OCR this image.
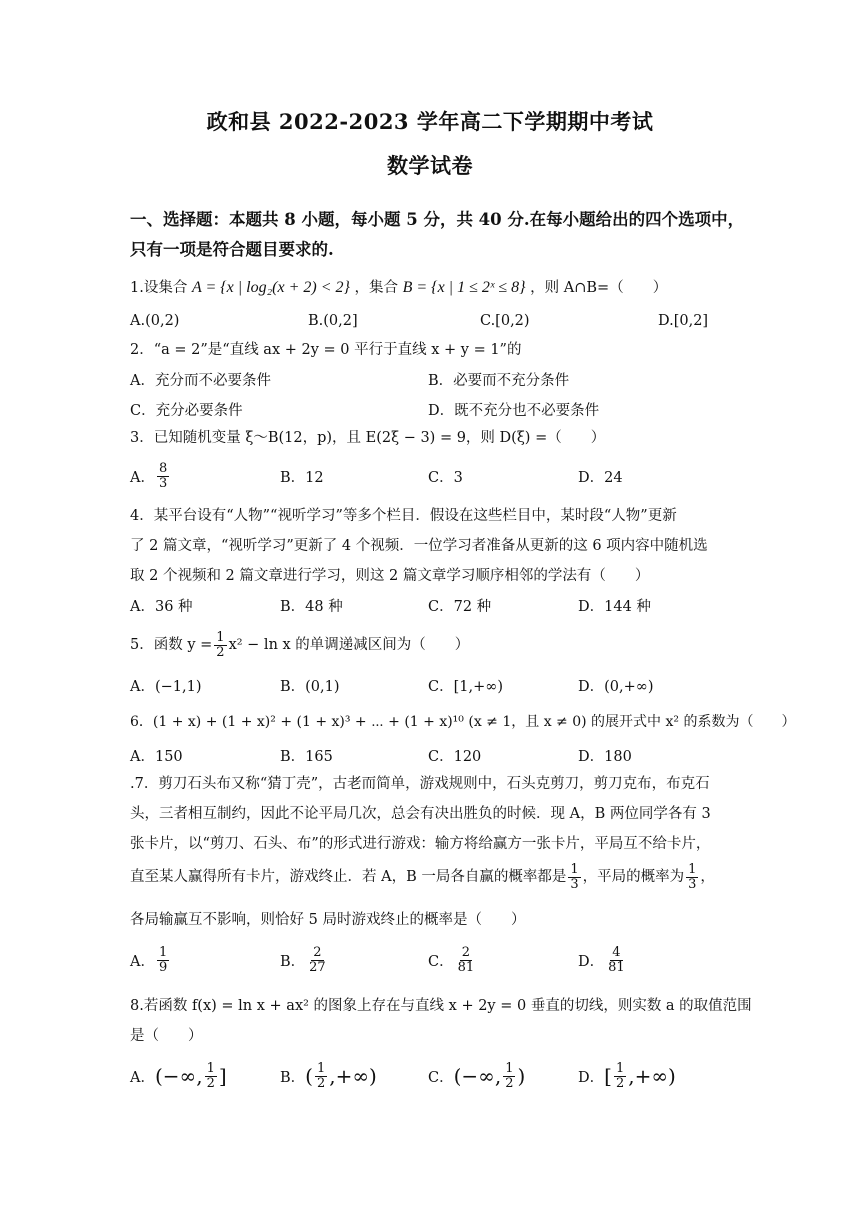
政和县 2022-2023 学年高二下学期期中考试
数学试卷
一、选择题：本题共 8 小题，每小题 5 分，共 40 分.在每小题给出的四个选项中，
只有一项是符合题目要求的.
1.设集合 A = {x | log₂(x + 2) < 2} ，集合 B = {x | 1 ≤ 2ˣ ≤ 8} ，则 A∩B=（　　）
A.(0,2)	B.(0,2]	C.[0,2)	D.[0,2]
2．“a = 2”是“直线 ax + 2y = 0 平行于直线 x + y = 1”的
A．充分而不必要条件	B．必要而不充分条件
C．充分必要条件	D．既不充分也不必要条件
3．已知随机变量 ξ～B(12，p)，且 E(2ξ − 3) = 9，则 D(ξ) =（　　）
A． $\frac{8}{3}$	B．12	C．3	D．24
4．某平台设有“人物”“视听学习”等多个栏目．假设在这些栏目中，某时段“人物”更新
了 2 篇文章，“视听学习”更新了 4 个视频．一位学习者准备从更新的这 6 项内容中随机选
取 2 个视频和 2 篇文章进行学习，则这 2 篇文章学习顺序相邻的学法有（　　）
A．36 种	B．48 种	C．72 种	D．144 种
5．函数 $y = \frac{1}{2} x^2 - \ln x$ 的单调递减区间为（　　）
A．(−1,1)	B．(0,1)	C．[1,+∞)	D．(0,+∞)
6．(1 + x) + (1 + x)² + (1 + x)³ + ⋯ + (1 + x)¹⁰ (x ≠ 1，且 x ≠ 0) 的展开式中 x² 的系数为（　　）
A．150	B．165	C．120	D．180
.7．剪刀石头布又称“猜丁壳”，古老而简单，游戏规则中，石头克剪刀，剪刀克布，布克石
头，三者相互制约，因此不论平局几次，总会有决出胜负的时候．现 A，B 两位同学各有 3
张卡片，以“剪刀、石头、布”的形式进行游戏：输方将给赢方一张卡片，平局互不给卡片，
直至某人赢得所有卡片，游戏终止．若 A，B 一局各自赢的概率都是 $\frac{1}{3}$ ，平局的概率为 $\frac{1}{3}$ ，
各局输赢互不影响，则恰好 5 局时游戏终止的概率是（　　）
A． $\frac{1}{9}$	B． $\frac{2}{27}$	C． $\frac{2}{81}$	D． $\frac{4}{81}$
8.若函数 f(x) = ln x + ax² 的图象上存在与直线 x + 2y = 0 垂直的切线，则实数 a 的取值范围
是（　　）
A． (−∞, $\frac{1}{2}$ ]	B． ( $\frac{1}{2}$ ,+∞)	C． (−∞, $\frac{1}{2}$ )	D． [ $\frac{1}{2}$ ,+∞)
